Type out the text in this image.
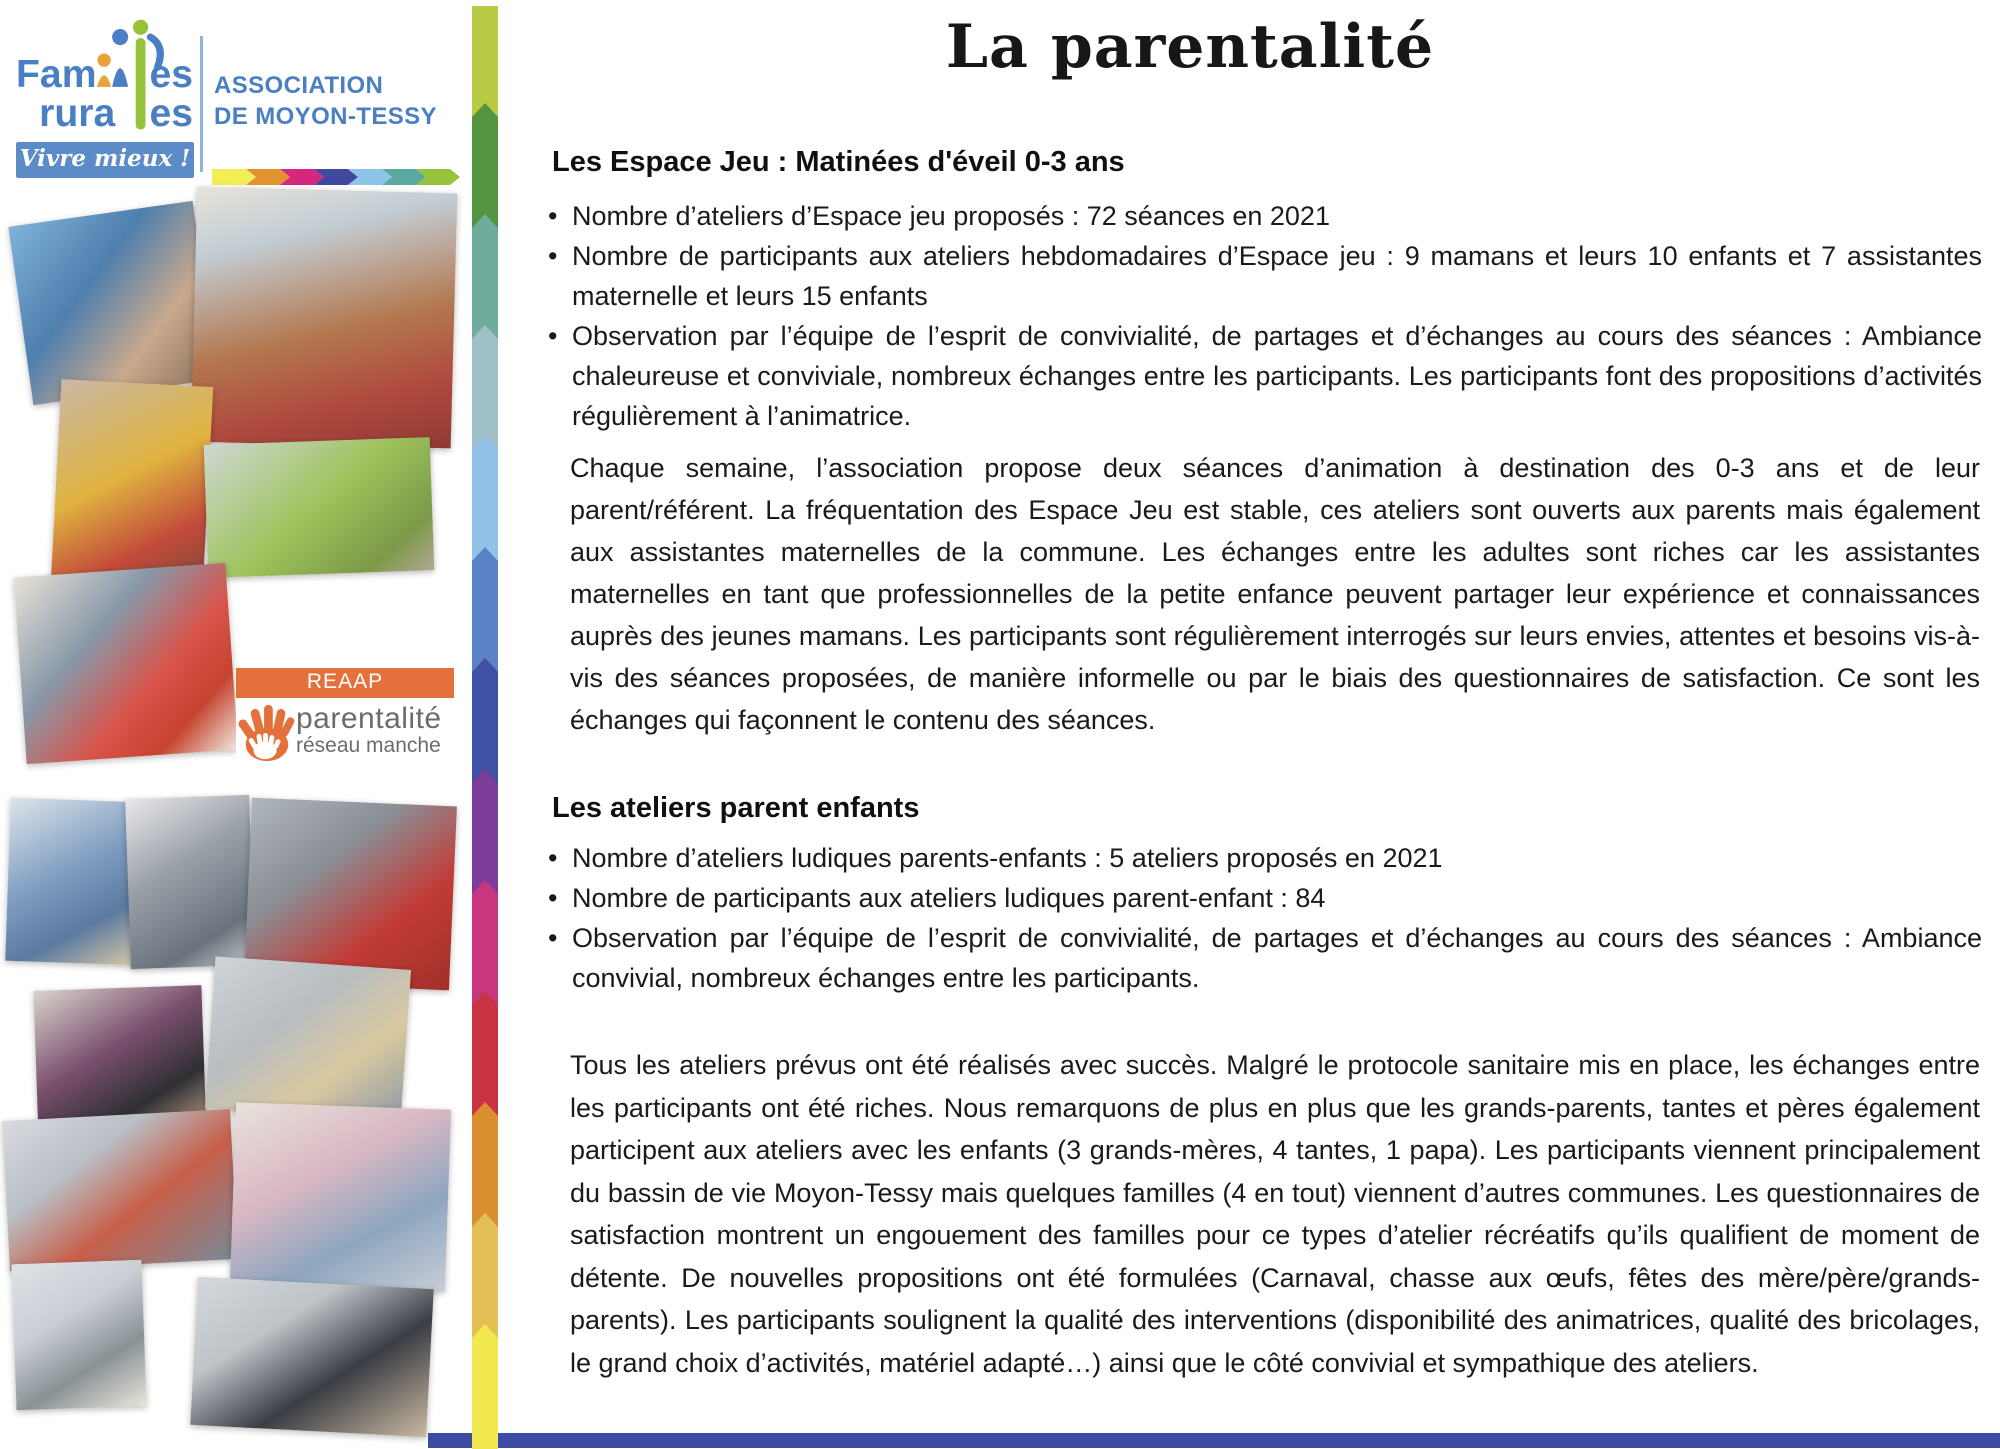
Fam es
rura es
Vivre mieux !
ASSOCIATION
DE MOYON-TESSY
REAAP
parentalité
réseau manche
La parentalité
Les Espace Jeu : Matinées d'éveil 0-3 ans
• Nombre d’ateliers d’Espace jeu proposés : 72 séances en 2021
• Nombre de participants aux ateliers hebdomadaires d’Espace jeu : 9 mamans et leurs 10 enfants et 7 assistantes maternelle et leurs 15 enfants
• Observation par l’équipe de l’esprit de convivialité, de partages et d’échanges au cours des séances : Ambiance chaleureuse et conviviale, nombreux échanges entre les participants. Les participants font des propositions d’activités régulièrement à l’animatrice.
Chaque semaine, l’association propose deux séances d’animation à destination des 0-3 ans et de leur parent/référent. La fréquentation des Espace Jeu est stable, ces ateliers sont ouverts aux parents mais également aux assistantes maternelles de la commune. Les échanges entre les adultes sont riches car les assistantes maternelles en tant que professionnelles de la petite enfance peuvent partager leur expérience et connaissances auprès des jeunes mamans. Les participants sont régulièrement interrogés sur leurs envies, attentes et besoins vis-à-vis des séances proposées, de manière informelle ou par le biais des questionnaires de satisfaction. Ce sont les échanges qui façonnent le contenu des séances.
Les ateliers parent enfants
• Nombre d’ateliers ludiques parents-enfants : 5 ateliers proposés en 2021
• Nombre de participants aux ateliers ludiques parent-enfant : 84
• Observation par l’équipe de l’esprit de convivialité, de partages et d’échanges au cours des séances : Ambiance convivial, nombreux échanges entre les participants.
Tous les ateliers prévus ont été réalisés avec succès. Malgré le protocole sanitaire mis en place, les échanges entre les participants ont été riches. Nous remarquons de plus en plus que les grands-parents, tantes et pères également participent aux ateliers avec les enfants (3 grands-mères, 4 tantes, 1 papa). Les participants viennent principalement du bassin de vie Moyon-Tessy mais quelques familles (4 en tout) viennent d’autres communes. Les questionnaires de satisfaction montrent un engouement des familles pour ce types d’atelier récréatifs qu’ils qualifient de moment de détente. De nouvelles propositions ont été formulées (Carnaval, chasse aux œufs, fêtes des mère/père/grands-parents). Les participants soulignent la qualité des interventions (disponibilité des animatrices, qualité des bricolages, le grand choix d’activités, matériel adapté…) ainsi que le côté convivial et sympathique des ateliers.
